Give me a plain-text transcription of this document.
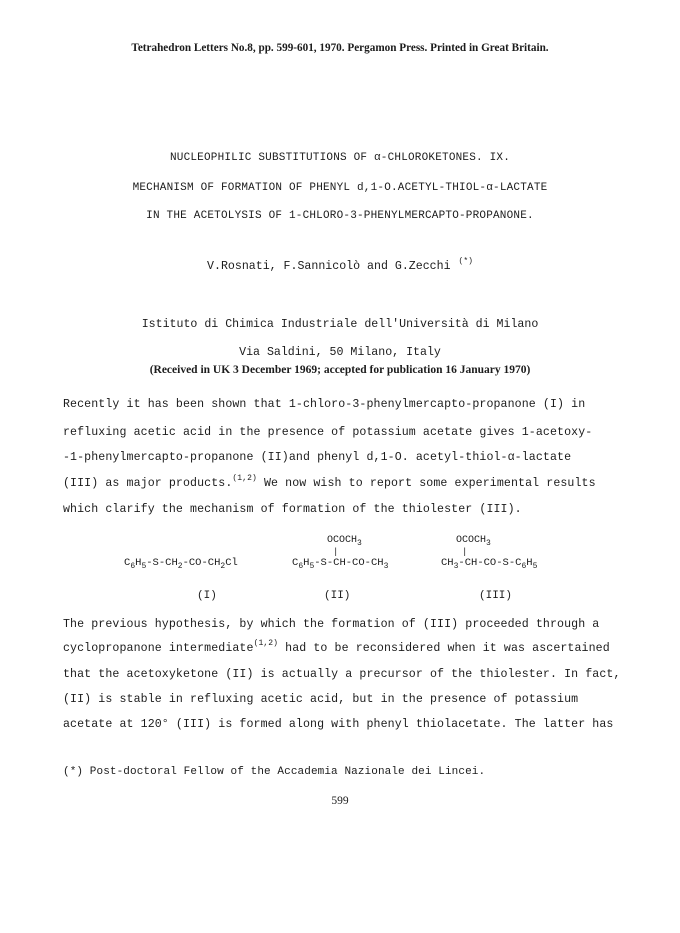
Tetrahedron Letters No.8, pp. 599-601, 1970. Pergamon Press. Printed in Great Britain.
NUCLEOPHILIC SUBSTITUTIONS OF α-CHLOROKETONES. IX.
MECHANISM OF FORMATION OF PHENYL d,1-O.ACETYL-THIOL-α-LACTATE
IN THE ACETOLYSIS OF 1-CHLORO-3-PHENYLMERCAPTO-PROPANONE.
V.Rosnati, F.Sannicolò and G.Zecchi (*)
Istituto di Chimica Industriale dell'Università di Milano
Via Saldini, 50 Milano, Italy
(Received in UK 3 December 1969; accepted for publication 16 January 1970)
Recently it has been shown that 1-chloro-3-phenylmercapto-propanone (I) in
refluxing acetic acid in the presence of potassium acetate gives 1-acetoxy-
-1-phenylmercapto-propanone (II)and phenyl d,1-O. acetyl-thiol-α-lactate
(III) as major products.$^{(1,2)}$ We now wish to report some experimental results
which clarify the mechanism of formation of the thiolester (III).
$C_6H_5-S-CH_2-CO-CH_2Cl$
(I)
$OCOCH_3$
|
$C_6H_5-S-CH-CO-CH_3$
(II)
$OCOCH_3$
|
$CH_3-CH-CO-S-C_6H_5$
(III)
The previous hypothesis, by which the formation of (III) proceeded through a
cyclopropanone intermediate$^{(1,2)}$ had to be reconsidered when it was ascertained
that the acetoxyketone (II) is actually a precursor of the thiolester. In fact,
(II) is stable in refluxing acetic acid, but in the presence of potassium
acetate at 120° (III) is formed along with phenyl thiolacetate. The latter has
(*) Post-doctoral Fellow of the Accademia Nazionale dei Lincei.
599
